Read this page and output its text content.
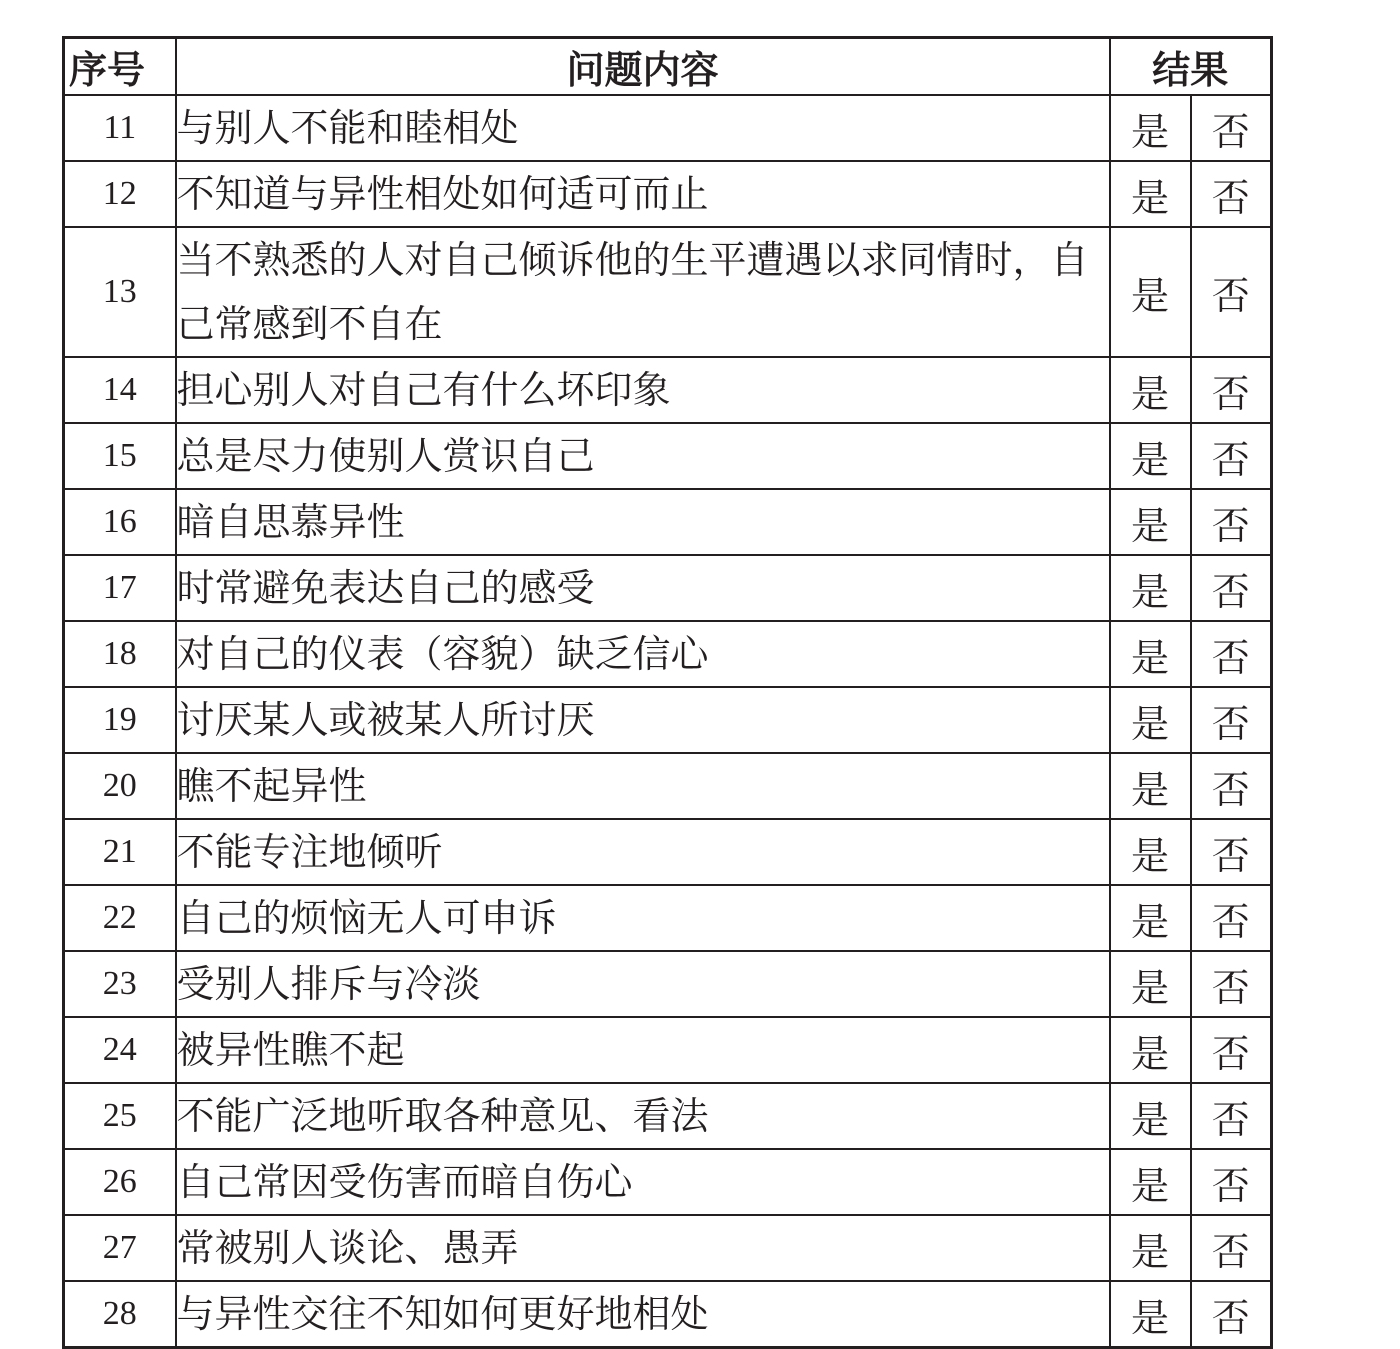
序号	问题内容	结果	
11	与别人不能和睦相处	是	否
12	不知道与异性相处如何适可而止	是	否
13	当不熟悉的人对自己倾诉他的生平遭遇以求同情时，自己常感到不自在	是	否
14	担心别人对自己有什么坏印象	是	否
15	总是尽力使别人赏识自己	是	否
16	暗自思慕异性	是	否
17	时常避免表达自己的感受	是	否
18	对自己的仪表（容貌）缺乏信心	是	否
19	讨厌某人或被某人所讨厌	是	否
20	瞧不起异性	是	否
21	不能专注地倾听	是	否
22	自己的烦恼无人可申诉	是	否
23	受别人排斥与冷淡	是	否
24	被异性瞧不起	是	否
25	不能广泛地听取各种意见、看法	是	否
26	自己常因受伤害而暗自伤心	是	否
27	常被别人谈论、愚弄	是	否
28	与异性交往不知如何更好地相处	是	否
